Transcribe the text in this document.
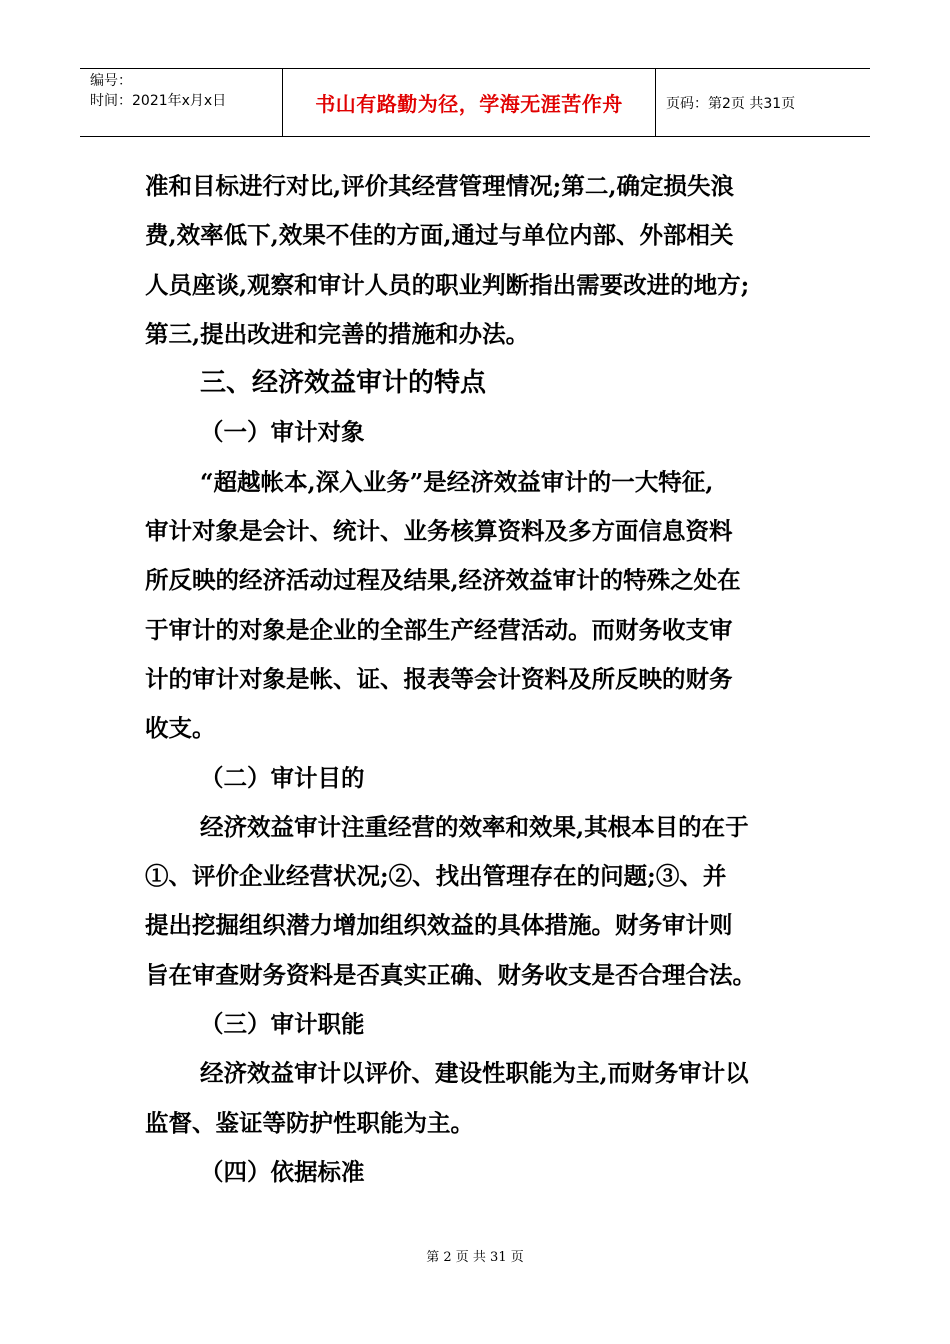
编号：
时间：2021年x月x日	书山有路勤为径，学海无涯苦作舟	页码：第2页 共31页

准和目标进行对比,评价其经营管理情况;第二,确定损失浪

费,效率低下,效果不佳的方面,通过与单位内部、外部相关

人员座谈,观察和审计人员的职业判断指出需要改进的地方;

第三,提出改进和完善的措施和办法。

三、经济效益审计的特点

（一）审计对象

“超越帐本,深入业务”是经济效益审计的一大特征,

审计对象是会计、统计、业务核算资料及多方面信息资料

所反映的经济活动过程及结果,经济效益审计的特殊之处在

于审计的对象是企业的全部生产经营活动。而财务收支审

计的审计对象是帐、证、报表等会计资料及所反映的财务

收支。

（二）审计目的

经济效益审计注重经营的效率和效果,其根本目的在于

①、评价企业经营状况;②、找出管理存在的问题;③、并

提出挖掘组织潜力增加组织效益的具体措施。财务审计则

旨在审查财务资料是否真实正确、财务收支是否合理合法。

（三）审计职能

经济效益审计以评价、建设性职能为主,而财务审计以

监督、鉴证等防护性职能为主。

（四）依据标准

第 2 页 共 31 页
